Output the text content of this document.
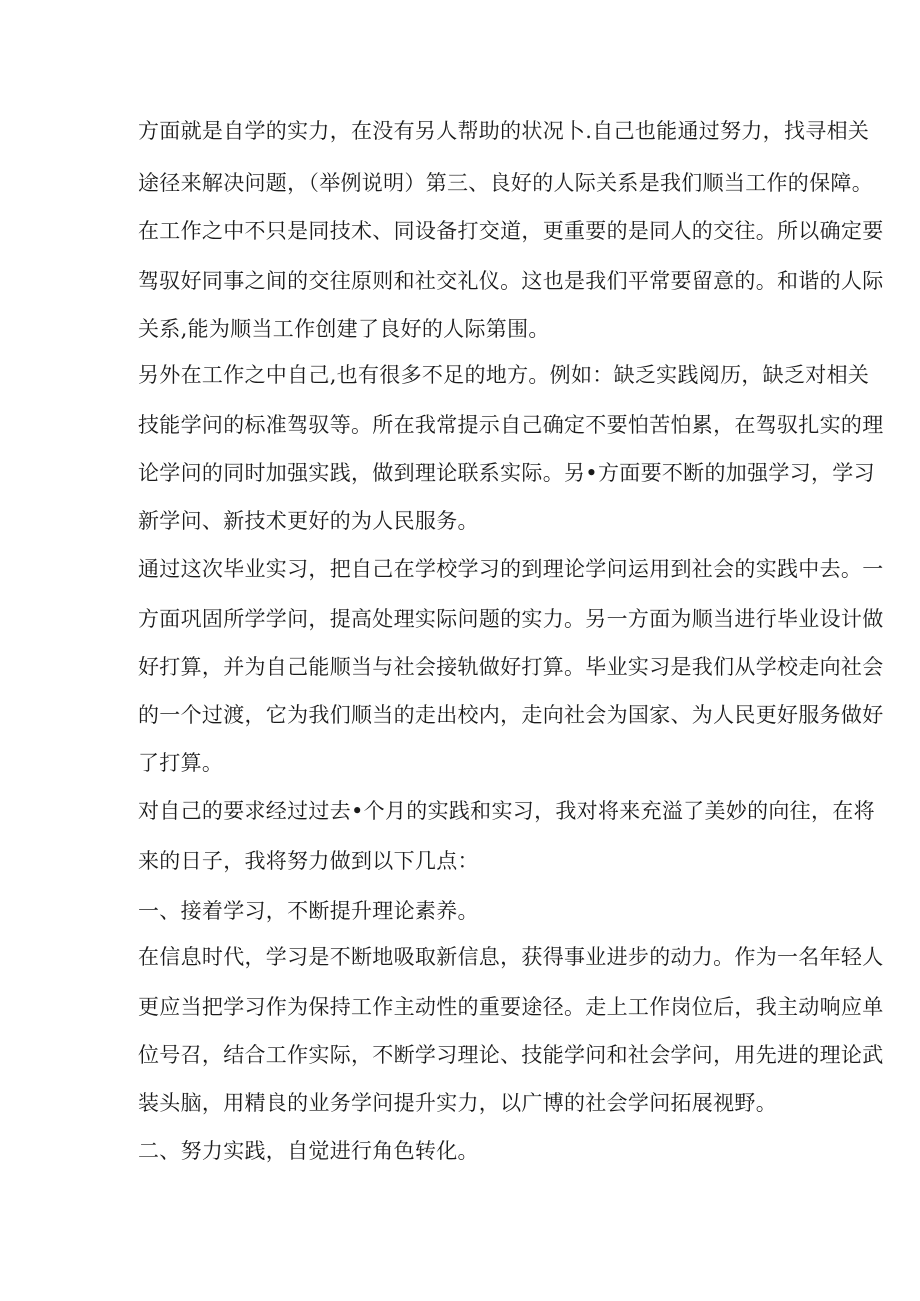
方面就是自学的实力，在没有另人帮助的状况卜.自己也能通过努力，找寻相关
途径来解决问题，（举例说明）第三、良好的人际关系是我们顺当工作的保障。
在工作之中不只是同技术、同设备打交道，更重要的是同人的交往。所以确定要
驾驭好同事之间的交往原则和社交礼仪。这也是我们平常要留意的。和谐的人际
关系,能为顺当工作创建了良好的人际第围。
另外在工作之中自己,也有很多不足的地方。例如：缺乏实践阅历，缺乏对相关
技能学问的标准驾驭等。所在我常提示自己确定不要怕苦怕累，在驾驭扎实的理
论学问的同时加强实践，做到理论联系实际。另•方面要不断的加强学习，学习
新学问、新技术更好的为人民服务。
通过这次毕业实习，把自己在学校学习的到理论学问运用到社会的实践中去。一
方面巩固所学学问，提高处理实际问题的实力。另一方面为顺当进行毕业设计做
好打算，并为自己能顺当与社会接轨做好打算。毕业实习是我们从学校走向社会
的一个过渡，它为我们顺当的走出校内，走向社会为国家、为人民更好服务做好
了打算。
对自己的要求经过过去•个月的实践和实习，我对将来充溢了美妙的向往，在将
来的日子，我将努力做到以下几点：
一、接着学习，不断提升理论素养。
在信息时代，学习是不断地吸取新信息，获得事业进步的动力。作为一名年轻人
更应当把学习作为保持工作主动性的重要途径。走上工作岗位后，我主动响应单
位号召，结合工作实际，不断学习理论、技能学问和社会学问，用先进的理论武
装头脑，用精良的业务学问提升实力，以广博的社会学问拓展视野。
二、努力实践，自觉进行角色转化。
